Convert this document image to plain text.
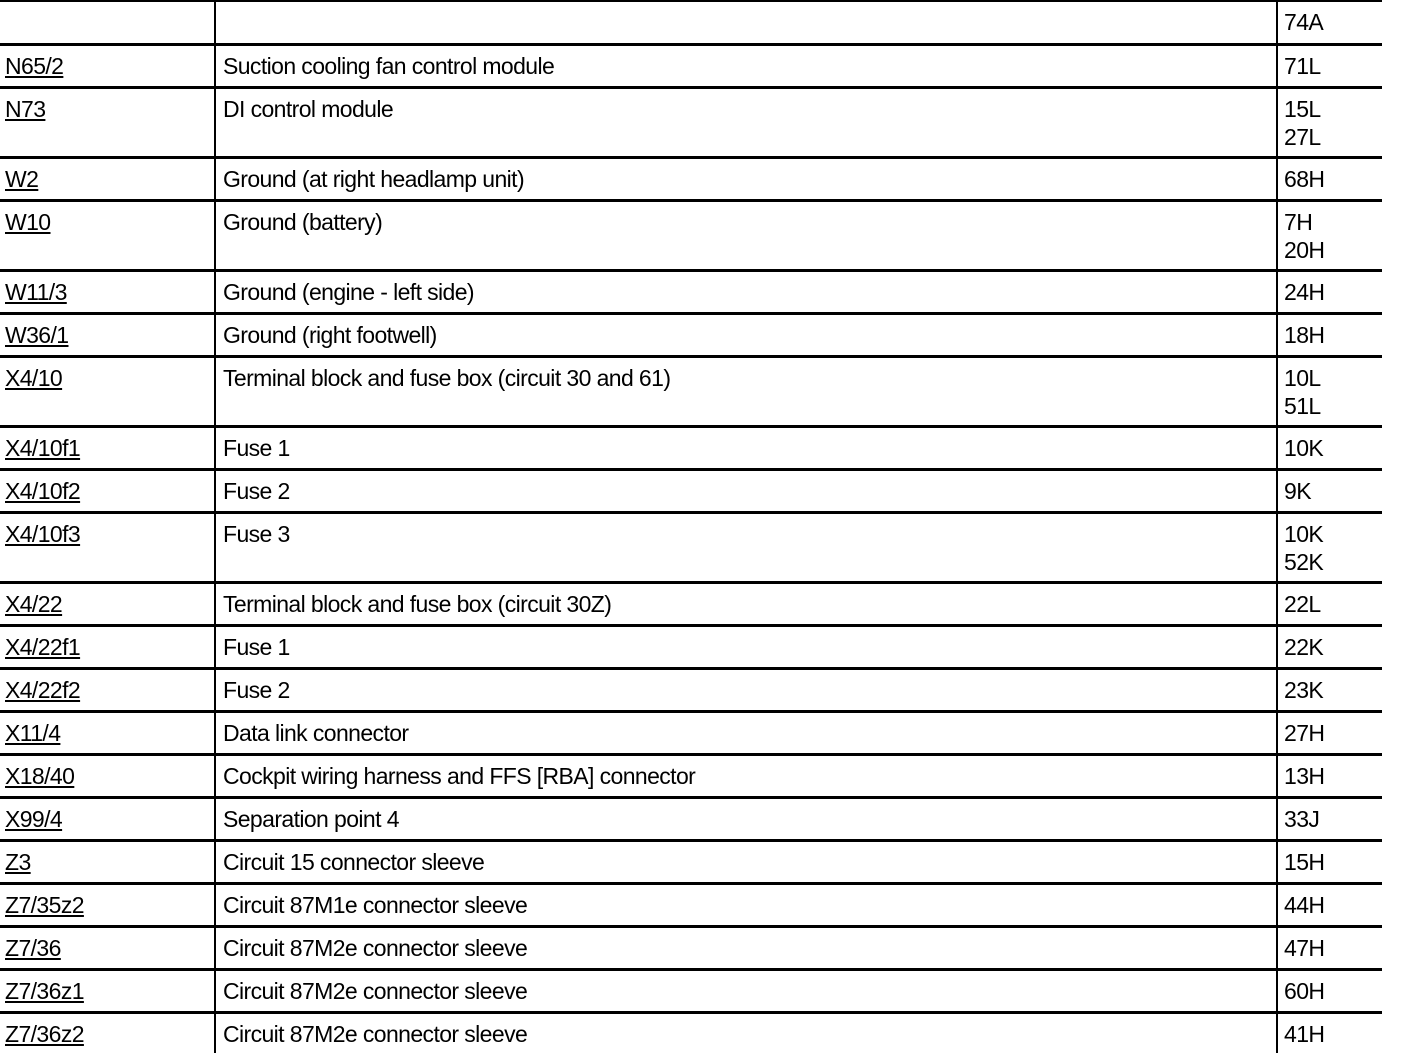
		74A

N65/2	Suction cooling fan control module	71L

N73	DI control module	15L
27L

W2	Ground (at right headlamp unit)	68H

W10	Ground (battery)	7H
20H

W11/3	Ground (engine - left side)	24H

W36/1	Ground (right footwell)	18H

X4/10	Terminal block and fuse box (circuit 30 and 61)	10L
51L

X4/10f1	Fuse 1	10K

X4/10f2	Fuse 2	9K

X4/10f3	Fuse 3	10K
52K

X4/22	Terminal block and fuse box (circuit 30Z)	22L

X4/22f1	Fuse 1	22K

X4/22f2	Fuse 2	23K

X11/4	Data link connector	27H

X18/40	Cockpit wiring harness and FFS [RBA] connector	13H

X99/4	Separation point 4	33J

Z3	Circuit 15 connector sleeve	15H

Z7/35z2	Circuit 87M1e connector sleeve	44H

Z7/36	Circuit 87M2e connector sleeve	47H

Z7/36z1	Circuit 87M2e connector sleeve	60H

Z7/36z2	Circuit 87M2e connector sleeve	41H
